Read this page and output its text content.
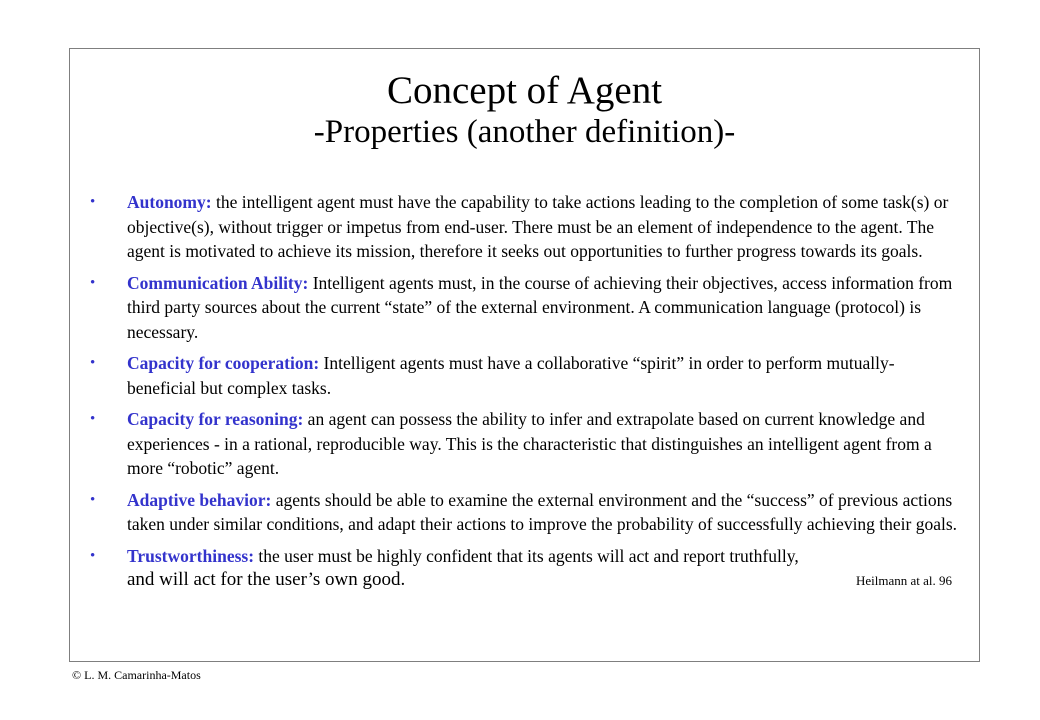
Concept of Agent
-Properties (another definition)-
•	Autonomy: the intelligent agent must have the capability to take actions leading to the completion of some task(s) or objective(s), without trigger or impetus from end-user. There must be an element of independence to the agent. The agent is motivated to achieve its mission, therefore it seeks out opportunities to further progress towards its goals.
•	Communication Ability: Intelligent agents must, in the course of achieving their objectives, access information from third party sources about the current “state” of the external environment. A communication language (protocol) is necessary.
•	Capacity for cooperation: Intelligent agents must have a collaborative “spirit” in order to perform mutually-beneficial but complex tasks.
•	Capacity for reasoning: an agent can possess the ability to infer and extrapolate based on current knowledge and experiences - in a rational, reproducible way. This is the characteristic that distinguishes an intelligent agent from a more “robotic” agent.
•	Adaptive behavior: agents should be able to examine the external environment and the “success” of previous actions taken under similar conditions, and adapt their actions to improve the probability of successfully achieving their goals.
•	Trustworthiness: the user must be highly confident that its agents will act and report truthfully,
and will act for the user’s own good.	Heilmann at al. 96
© L. M. Camarinha-Matos
